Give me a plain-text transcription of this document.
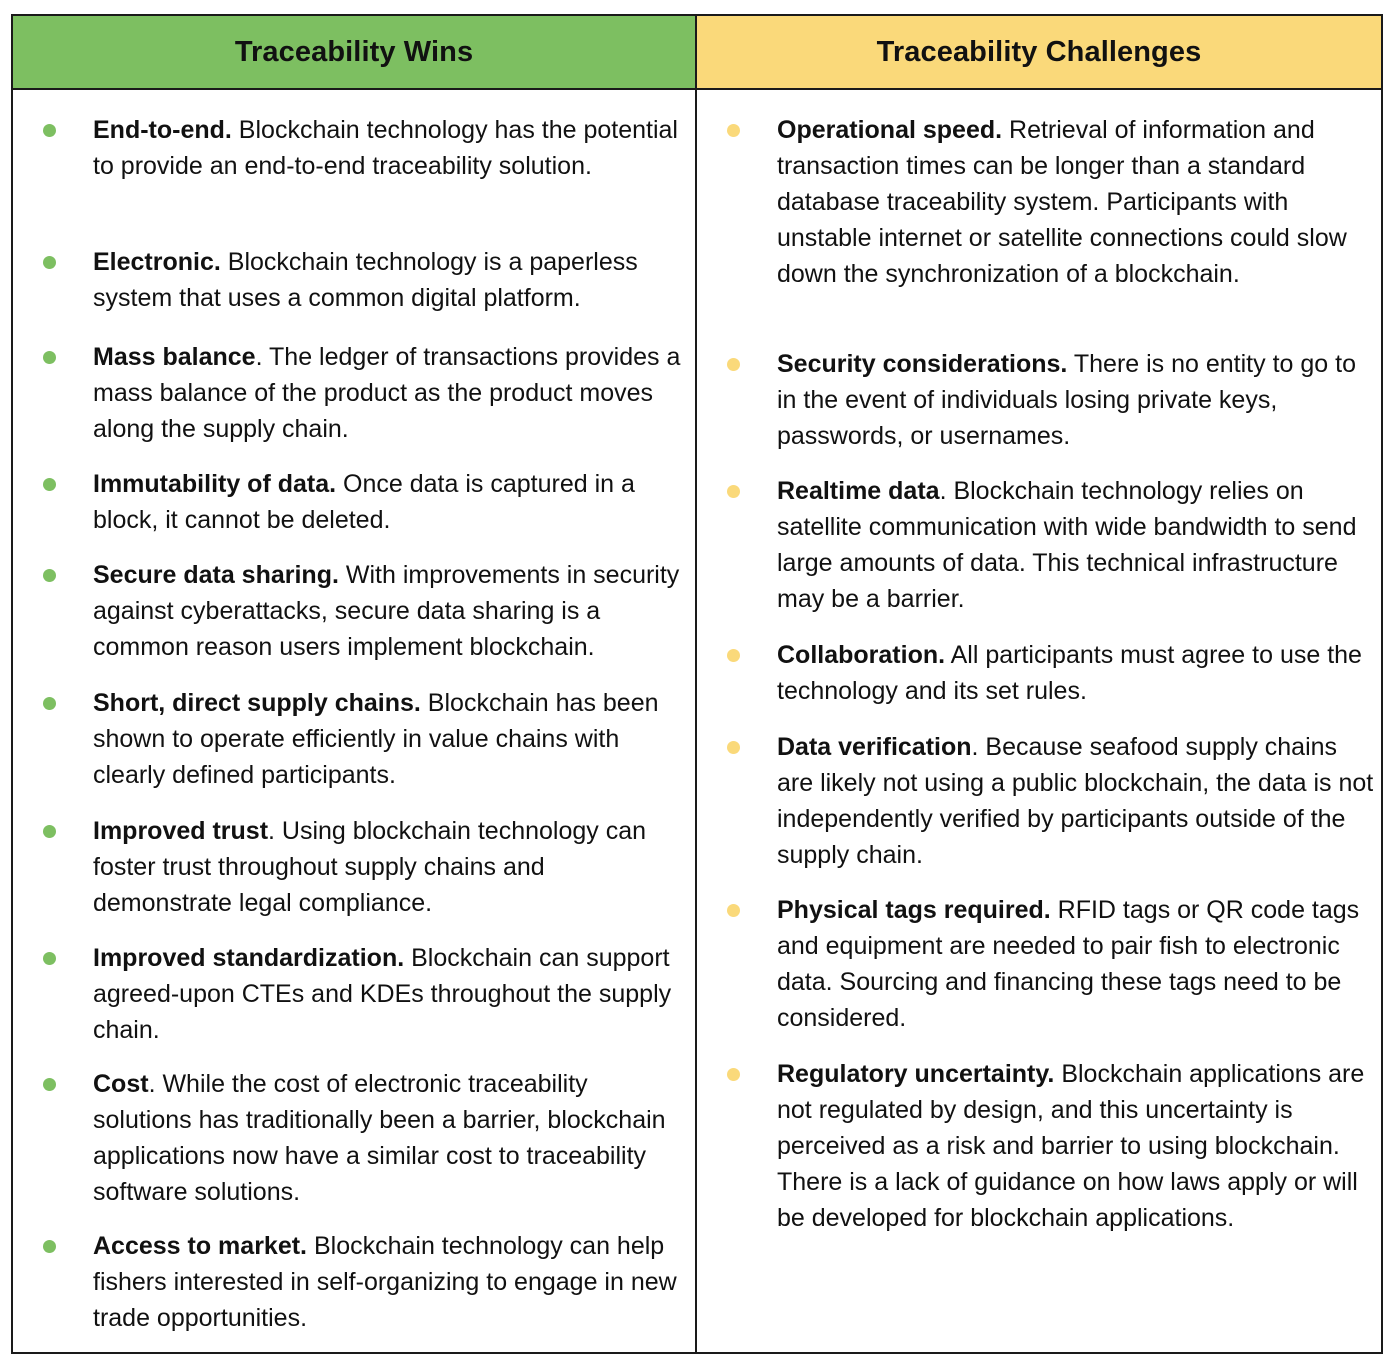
Traceability Wins
End-to-end. Blockchain technology has the potential to provide an end-to-end traceability solution.
Electronic. Blockchain technology is a paperless system that uses a common digital platform.
Mass balance. The ledger of transactions provides a mass balance of the product as the product moves along the supply chain.
Immutability of data. Once data is captured in a block, it cannot be deleted.
Secure data sharing. With improvements in security against cyberattacks, secure data sharing is a common reason users implement blockchain.
Short, direct supply chains. Blockchain has been shown to operate efficiently in value chains with clearly defined participants.
Improved trust. Using blockchain technology can foster trust throughout supply chains and demonstrate legal compliance.
Improved standardization. Blockchain can support agreed-upon CTEs and KDEs throughout the supply chain.
Cost. While the cost of electronic traceability solutions has traditionally been a barrier, blockchain applications now have a similar cost to traceability software solutions.
Access to market. Blockchain technology can help fishers interested in self-organizing to engage in new trade opportunities.
Traceability Challenges
Operational speed. Retrieval of information and transaction times can be longer than a standard database traceability system. Participants with unstable internet or satellite connections could slow down the synchronization of a blockchain.
Security considerations. There is no entity to go to in the event of individuals losing private keys, passwords, or usernames.
Realtime data. Blockchain technology relies on satellite communication with wide bandwidth to send large amounts of data. This technical infrastructure may be a barrier.
Collaboration. All participants must agree to use the technology and its set rules.
Data verification. Because seafood supply chains are likely not using a public blockchain, the data is not independently verified by participants outside of the supply chain.
Physical tags required. RFID tags or QR code tags and equipment are needed to pair fish to electronic data. Sourcing and financing these tags need to be considered.
Regulatory uncertainty. Blockchain applications are not regulated by design, and this uncertainty is perceived as a risk and barrier to using blockchain. There is a lack of guidance on how laws apply or will be developed for blockchain applications.
